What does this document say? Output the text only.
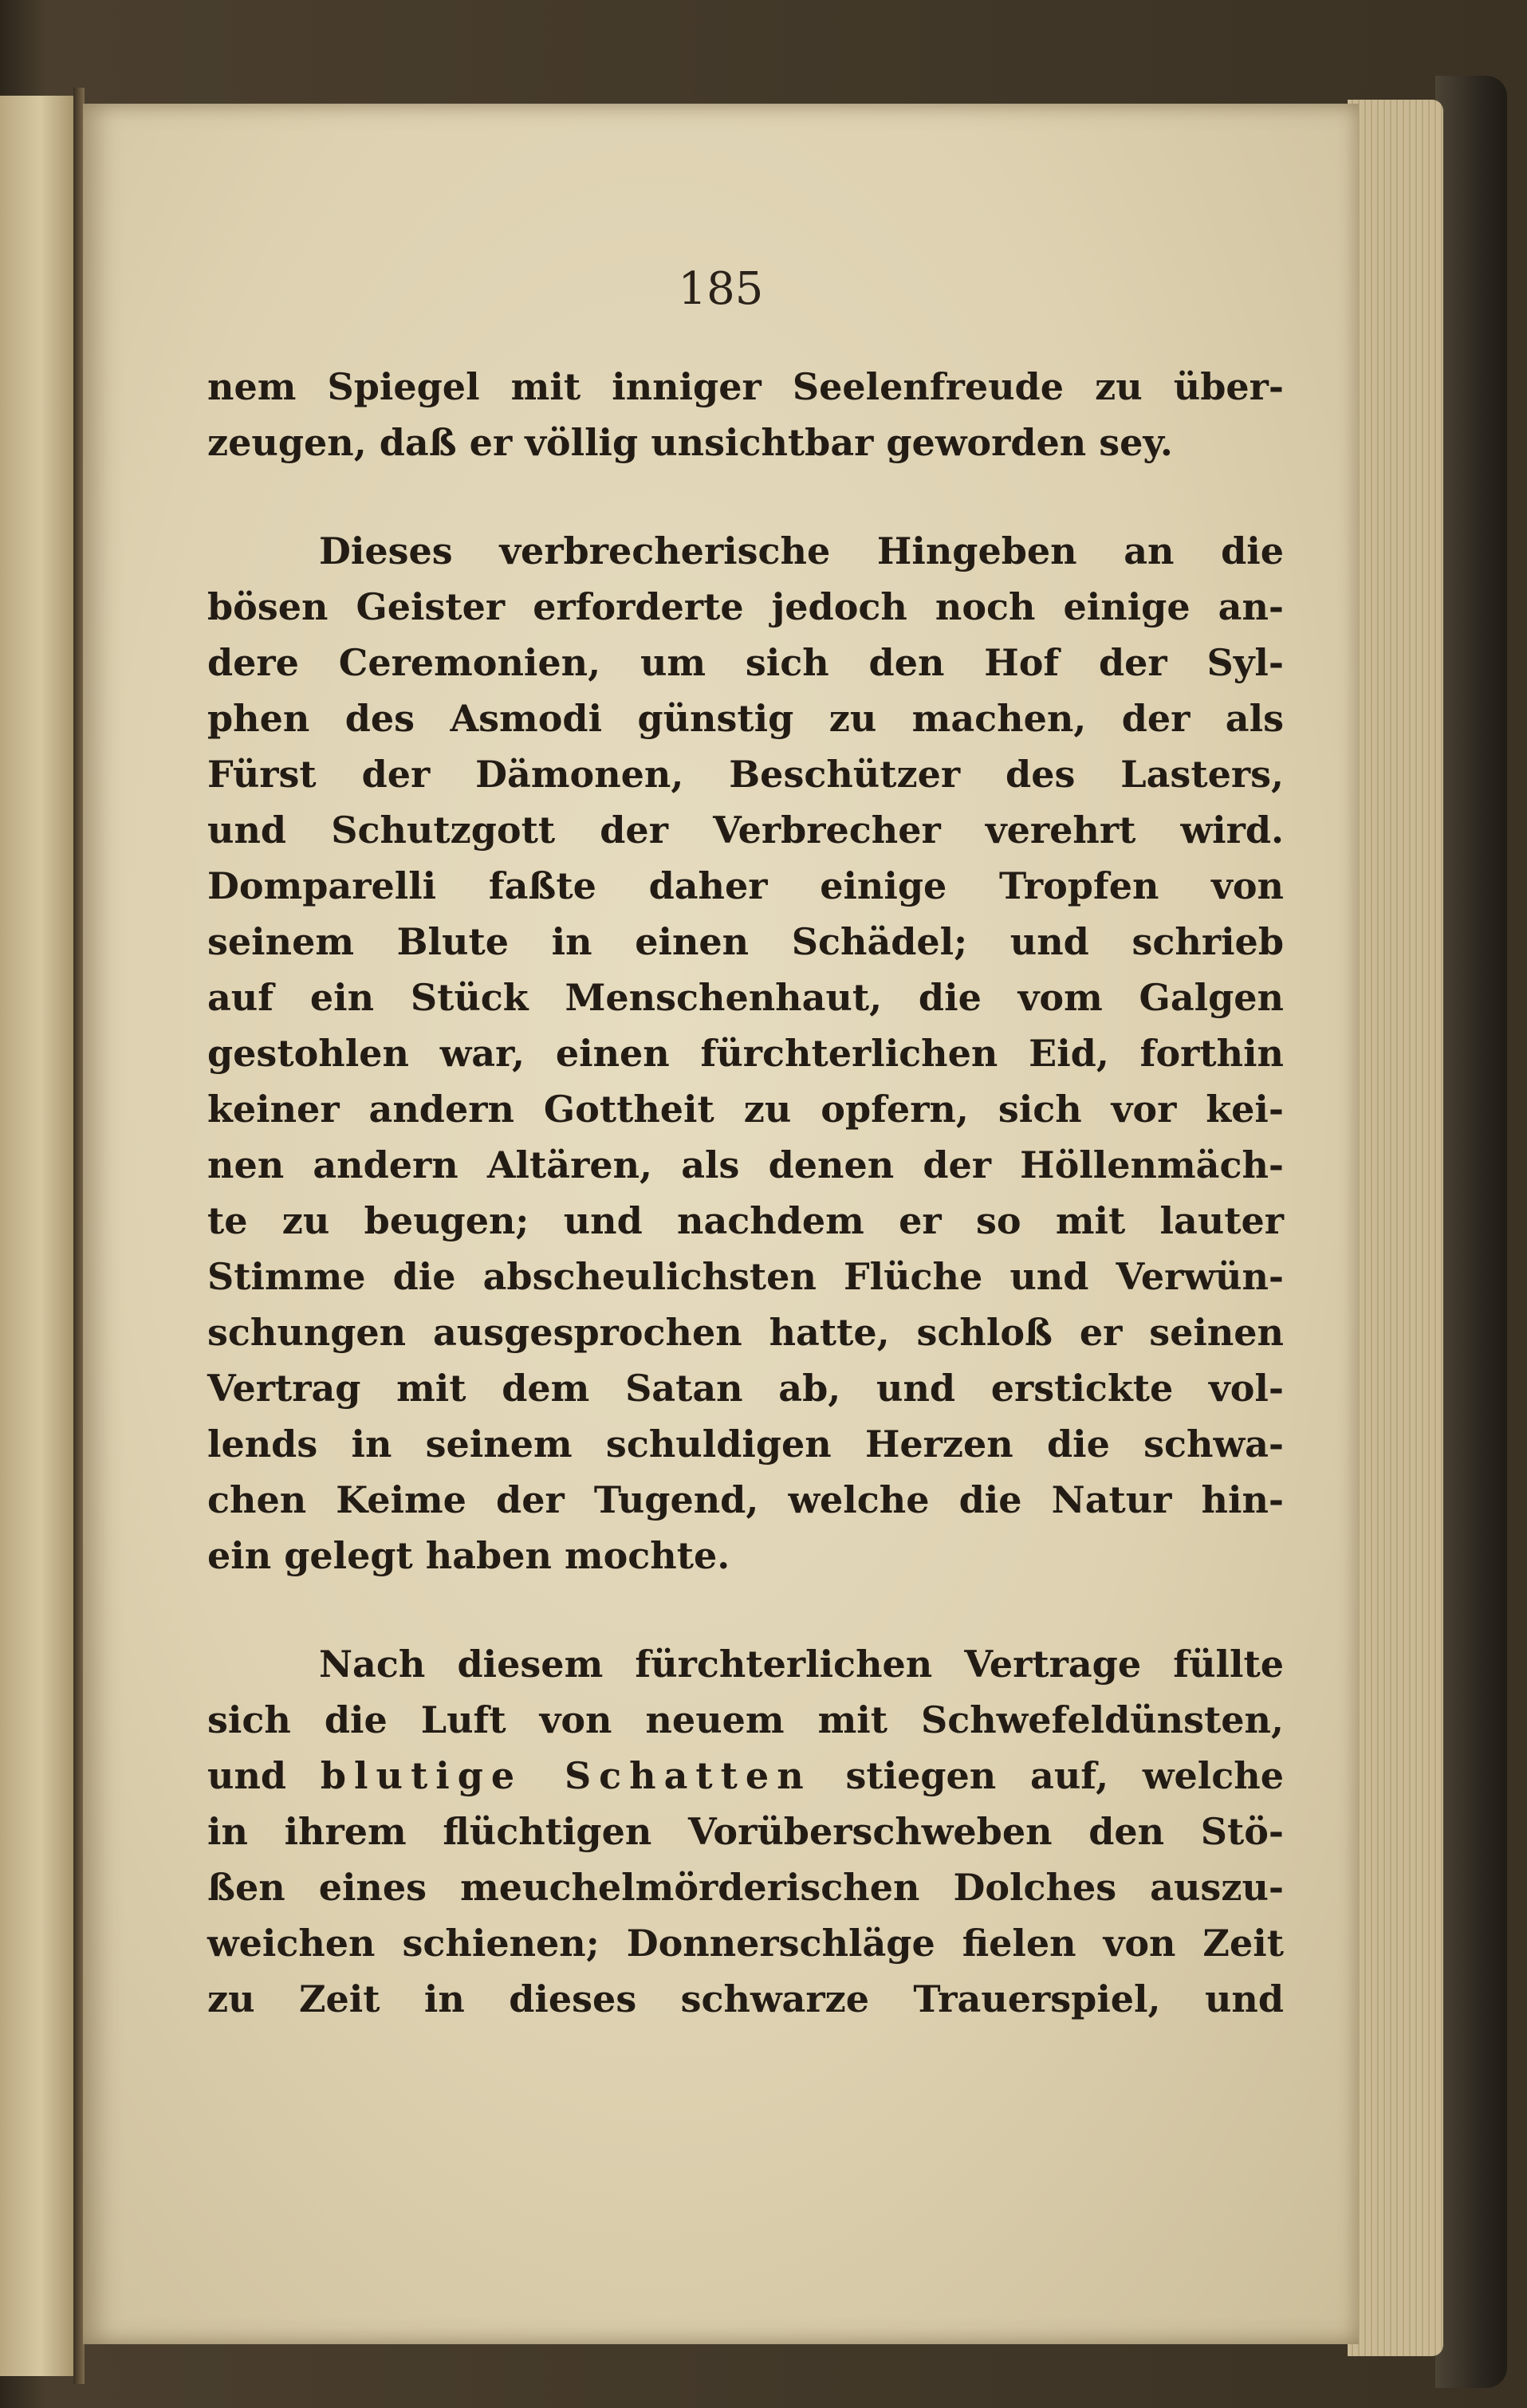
185
nem Spiegel mit inniger Seelenfreude zu über-
zeugen, daß er völlig unsichtbar geworden sey.
Dieses verbrecherische Hingeben an die
bösen Geister erforderte jedoch noch einige an-
dere Ceremonien, um sich den Hof der Syl-
phen des Asmodi günstig zu machen, der als
Fürst der Dämonen, Beschützer des Lasters,
und Schutzgott der Verbrecher verehrt wird.
Domparelli faßte daher einige Tropfen von
seinem Blute in einen Schädel; und schrieb
auf ein Stück Menschenhaut, die vom Galgen
gestohlen war, einen fürchterlichen Eid, forthin
keiner andern Gottheit zu opfern, sich vor kei-
nen andern Altären, als denen der Höllenmäch-
te zu beugen; und nachdem er so mit lauter
Stimme die abscheulichsten Flüche und Verwün-
schungen ausgesprochen hatte, schloß er seinen
Vertrag mit dem Satan ab, und erstickte vol-
lends in seinem schuldigen Herzen die schwa-
chen Keime der Tugend, welche die Natur hin-
ein gelegt haben mochte.
Nach diesem fürchterlichen Vertrage füllte
sich die Luft von neuem mit Schwefeldünsten,
und blutige Schatten stiegen auf, welche
in ihrem flüchtigen Vorüberschweben den Stö-
ßen eines meuchelmörderischen Dolches auszu-
weichen schienen; Donnerschläge fielen von Zeit
zu Zeit in dieses schwarze Trauerspiel, und
